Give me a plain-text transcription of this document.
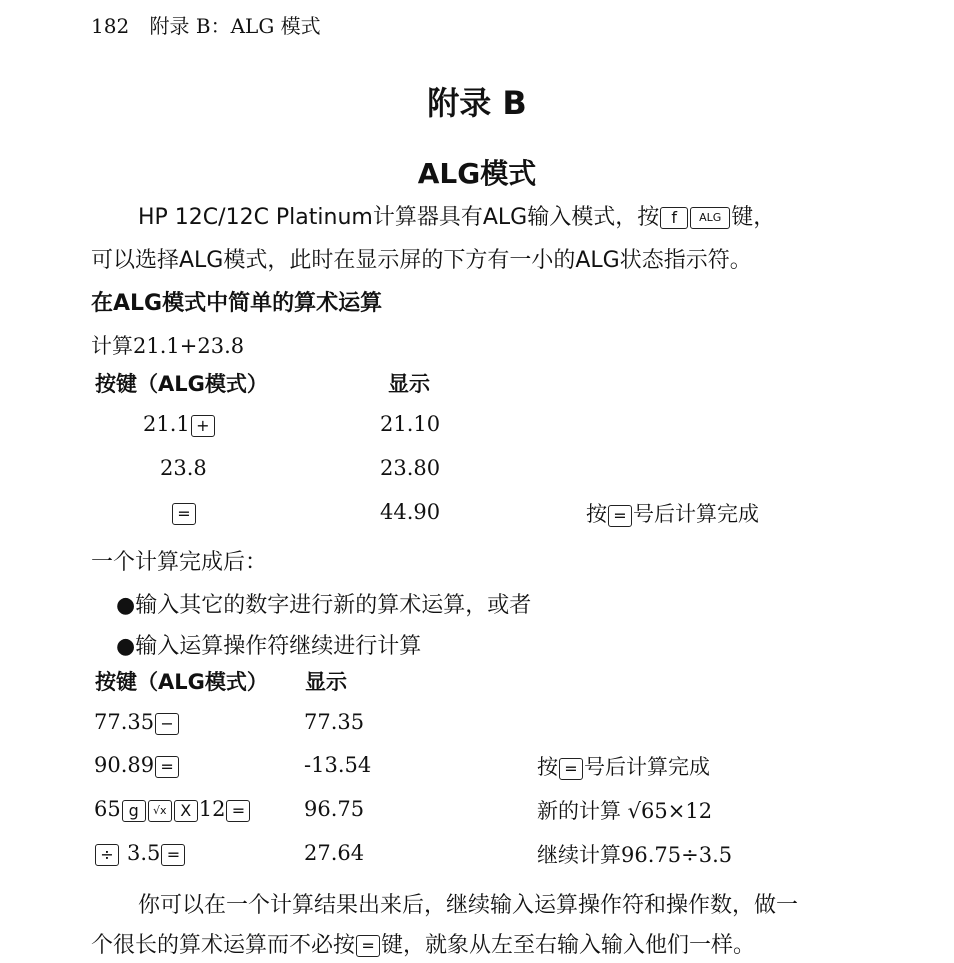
182 附录 B：ALG 模式
附录 B
ALG模式
HP 12C/12C Platinum计算器具有ALG输入模式，按 f ALG 键，
可以选择ALG模式，此时在显示屏的下方有一小的ALG状态指示符。
在ALG模式中简单的算术运算
计算21.1+23.8
按键（ALG模式）	显示
21.1 +	21.10
23.8	23.80
=	44.90	按 = 号后计算完成
一个计算完成后：
●输入其它的数字进行新的算术运算，或者
●输入运算操作符继续进行计算
按键（ALG模式） 显示
77.35 −	77.35
90.89 =	-13.54	按 = 号后计算完成
65 g √x X 12 =	96.75	新的计算 √65×12
÷ 3.5 =	27.64	继续计算96.75÷3.5
你可以在一个计算结果出来后，继续输入运算操作符和操作数，做一
个很长的算术运算而不必按 = 键，就象从左至右输入输入他们一样。
